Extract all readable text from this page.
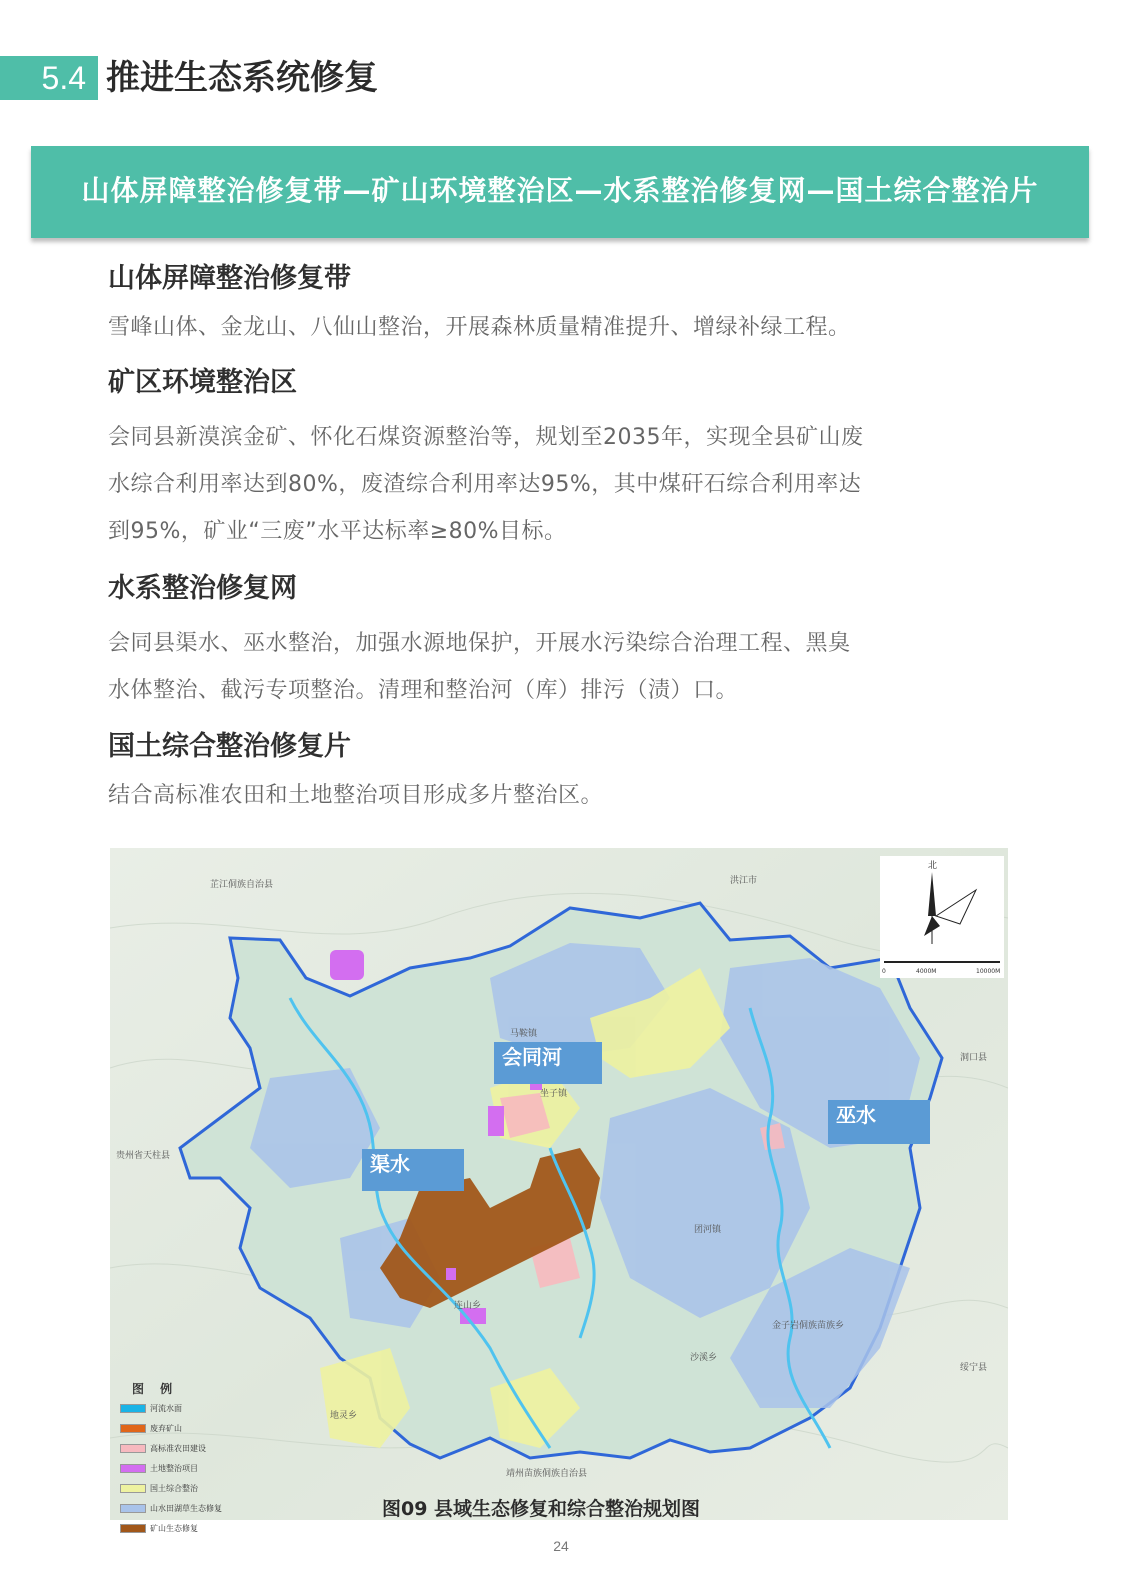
5.4 推进生态系统修复
山体屏障整治修复带—矿山环境整治区—水系整治修复网—国土综合整治片
山体屏障整治修复带
雪峰山体、金龙山、八仙山整治，开展森林质量精准提升、增绿补绿工程。
矿区环境整治区
会同县新漠滨金矿、怀化石煤资源整治等，规划至2035年，实现全县矿山废
水综合利用率达到80%，废渣综合利用率达95%，其中煤矸石综合利用率达
到95%，矿业“三废”水平达标率≥80%目标。
水系整治修复网
会同县渠水、巫水整治，加强水源地保护，开展水污染综合治理工程、黑臭
水体整治、截污专项整治。清理和整治河（库）排污（渍）口。
国土综合整治修复片
结合高标准农田和土地整治项目形成多片整治区。
芷江侗族自治县	洪江市
贵州省天柱县
洞口县
绥宁县
靖州苗族侗族自治县
马鞍镇
坐子镇
团河镇
连山乡
金子岩侗族苗族乡
沙溪乡
地灵乡
会同河
渠水
巫水
北
0	4000M	10000M
图 例
河流水面
废弃矿山
高标准农田建设
土地整治项目
国土综合整治
山水田湖草生态修复
矿山生态修复
图09 县域生态修复和综合整治规划图
24
